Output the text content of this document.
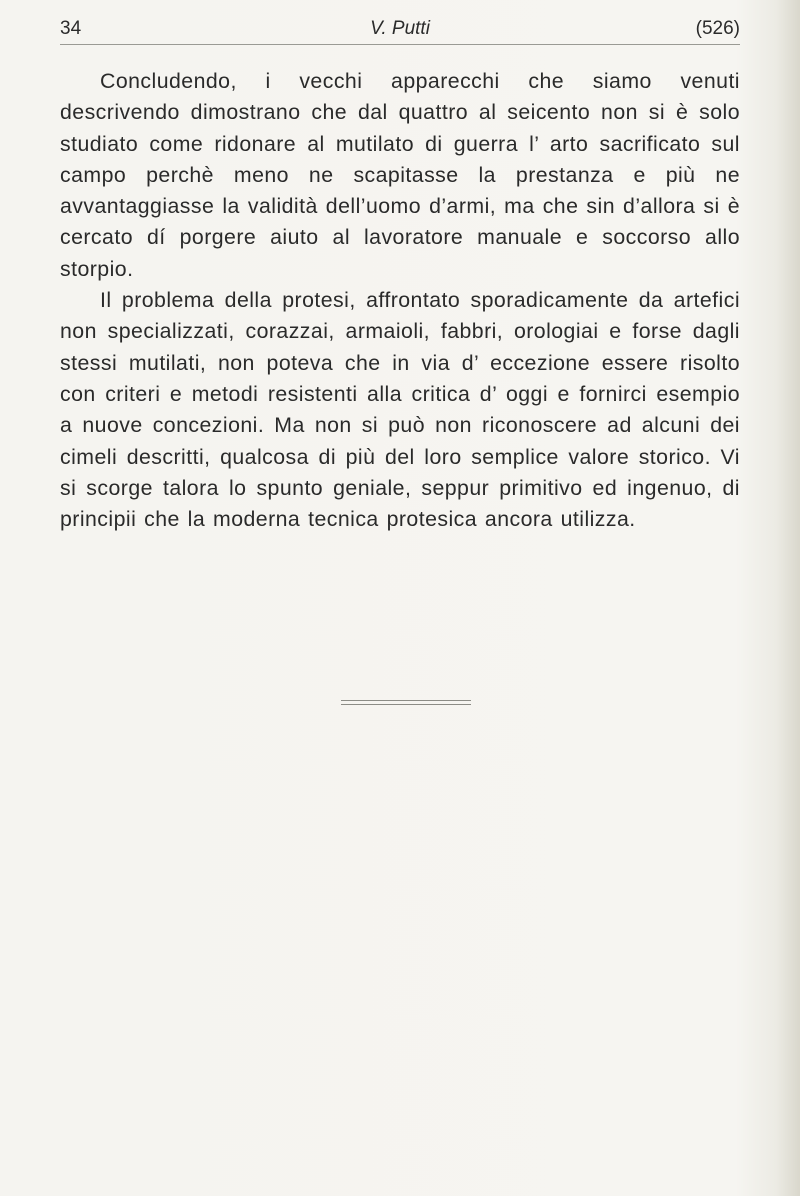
34	V. Putti	(526)

Concludendo, i vecchi apparecchi che siamo venuti descrivendo dimostrano che dal quattro al seicento non si è solo studiato come ridonare al mutilato di guerra l’ arto sacrificato sul campo perchè meno ne scapitasse la prestanza e più ne avvantaggiasse la validità dell’uomo d’armi, ma che sin d’allora si è cercato dí porgere aiuto al lavoratore manuale e soccorso allo storpio.

Il problema della protesi, affrontato sporadicamente da artefici non specializzati, corazzai, armaioli, fabbri, orologiai e forse dagli stessi mutilati, non poteva che in via d’ eccezione essere risolto con criteri e metodi resistenti alla critica d’ oggi e fornirci esempio a nuove concezioni. Ma non si può non riconoscere ad alcuni dei cimeli descritti, qualcosa di più del loro semplice valore storico. Vi si scorge talora lo spunto geniale, seppur primitivo ed ingenuo, di principii che la moderna tecnica protesica ancora utilizza.
